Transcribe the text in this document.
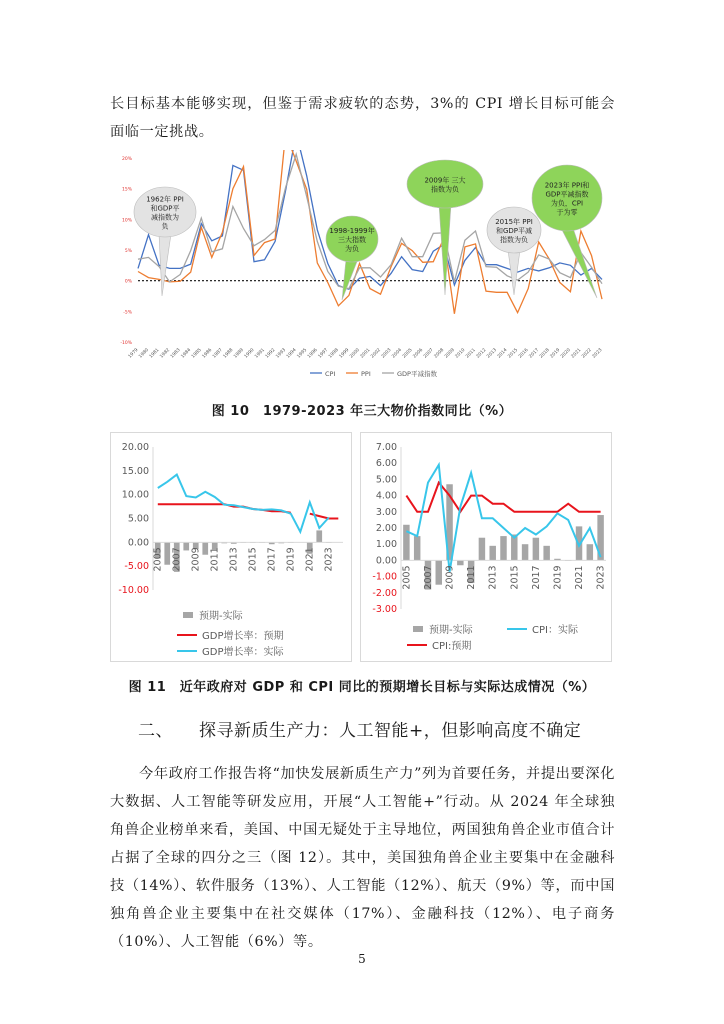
长目标基本能够实现，但鉴于需求疲软的态势，3%的 CPI 增长目标可能会面临一定挑战。

20%
15%
10%
5%
0%
-5%
-10%
1979
1980
1981
1982
1983
1984
1985
1986
1987
1988
1989
1990
1991
1992
1993
1994
1995
1996
1997
1998
1999
2000
2001
2002
2003
2004
2005
2006
2007
2008
2009
2010
2011
2012
2013
2014
2015
2016
2017
2018
2019
2020
2021
2022
2023
CPI	PPI	GDP平减指数
1962年 PPI
和GDP平
减指数为
负
1998-1999年
三大指数
为负
2009年 三大
指数为负
2015年 PPI
和GDP平减
指数为负
2023年 PPI和
GDP平减指数
为负，CPI
于为零
图 10　1979-2023 年三大物价指数同比（%）
20.00
15.00
10.00
5.00
0.00
-5.00
-10.00
2005 2007 2009 2011 2013 2015 2017 2019 2021 2023
预期-实际
GDP增长率：预期
GDP增长率：实际
7.00
6.00
5.00
4.00
3.00
2.00
1.00
0.00
-1.00
-2.00
-3.00
2005 2007 2009 2011 2013 2015 2017 2019 2021 2023
预期-实际
CPI:预期
CPI：实际
图 11　近年政府对 GDP 和 CPI 同比的预期增长目标与实际达成情况（%）
二、 探寻新质生产力：人工智能+，但影响高度不确定

今年政府工作报告将“加快发展新质生产力”列为首要任务，并提出要深化大数据、人工智能等研发应用，开展“人工智能+”行动。从 2024 年全球独角兽企业榜单来看，美国、中国无疑处于主导地位，两国独角兽企业市值合计占据了全球的四分之三（图 12）。其中，美国独角兽企业主要集中在金融科技（14%）、软件服务（13%）、人工智能（12%）、航天（9%）等，而中国独角兽企业主要集中在社交媒体（17%）、金融科技（12%）、电子商务（10%）、人工智能（6%）等。

5
